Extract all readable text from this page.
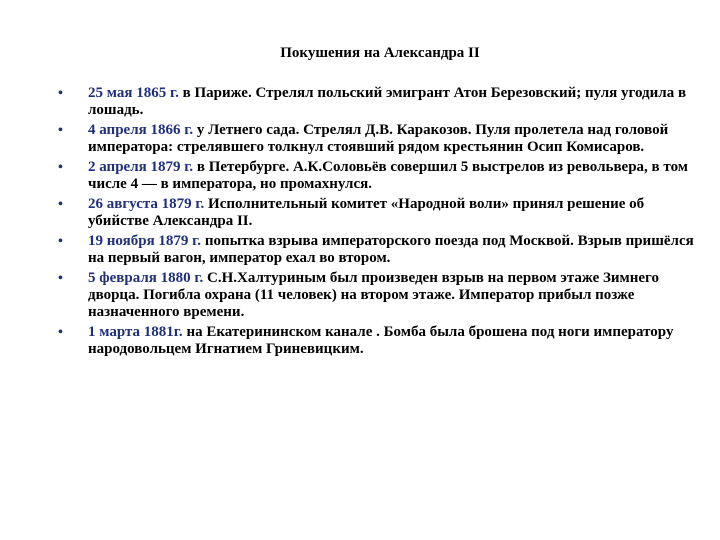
Покушения на Александра II
• 25 мая 1865 г. в Париже. Стрелял польский эмигрант Атон Березовский; пуля угодила в лошадь.
• 4 апреля 1866 г. у Летнего сада. Стрелял Д.В. Каракозов. Пуля пролетела над головой императора: стрелявшего толкнул стоявший рядом крестьянин Осип Комисаров.
• 2 апреля 1879 г. в Петербурге. А.К.Соловьёв совершил 5 выстрелов из револьвера, в том числе 4 — в императора, но промахнулся.
• 26 августа 1879 г. Исполнительный комитет «Народной воли» принял решение об убийстве Александра II.
• 19 ноября 1879 г. попытка взрыва императорского поезда под Москвой. Взрыв пришёлся на первый вагон, император ехал во втором.
• 5 февраля 1880 г. С.Н.Халтуриным был произведен взрыв на первом этаже Зимнего дворца. Погибла охрана (11 человек) на втором этаже. Император прибыл позже назначенного времени.
• 1 марта 1881г. на Екатерининском канале . Бомба была брошена под ноги императору народовольцем Игнатием Гриневицким.
